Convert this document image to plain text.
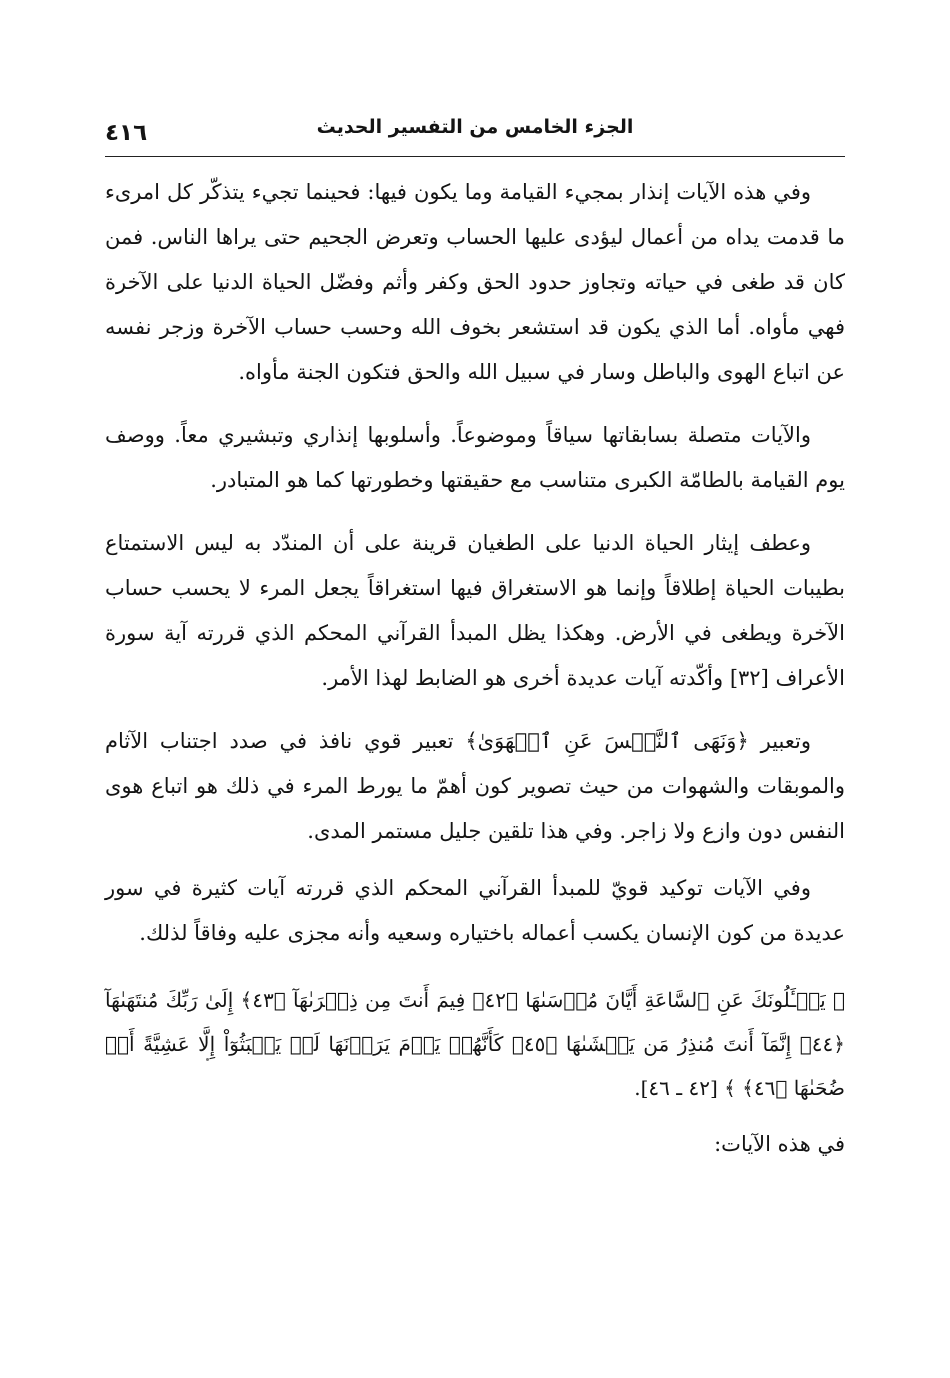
الجزء الخامس من التفسير الحديث
٤١٦

وفي هذه الآيات إنذار بمجيء القيامة وما يكون فيها: فحينما تجيء يتذكّر كل امرىء ما قدمت يداه من أعمال ليؤدى عليها الحساب وتعرض الجحيم حتى يراها الناس. فمن كان قد طغى في حياته وتجاوز حدود الحق وكفر وأثم وفضّل الحياة الدنيا على الآخرة فهي مأواه. أما الذي يكون قد استشعر بخوف الله وحسب حساب الآخرة وزجر نفسه عن اتباع الهوى والباطل وسار في سبيل الله والحق فتكون الجنة مأواه.

والآيات متصلة بسابقاتها سياقاً وموضوعاً. وأسلوبها إنذاري وتبشيري معاً. ووصف يوم القيامة بالطامّة الكبرى متناسب مع حقيقتها وخطورتها كما هو المتبادر.

وعطف إيثار الحياة الدنيا على الطغيان قرينة على أن المندّد به ليس الاستمتاع بطيبات الحياة إطلاقاً وإنما هو الاستغراق فيها استغراقاً يجعل المرء لا يحسب حساب الآخرة ويطغى في الأرض. وهكذا يظل المبدأ القرآني المحكم الذي قررته آية سورة الأعراف [٣٢] وأكّدته آيات عديدة أخرى هو الضابط لهذا الأمر.

وتعبير ﴿وَنَهَى ٱلنَّفۡسَ عَنِ ٱلۡهَوَىٰ﴾ تعبير قوي نافذ في صدد اجتناب الآثام والموبقات والشهوات من حيث تصوير كون أهمّ ما يورط المرء في ذلك هو اتباع هوى النفس دون وازع ولا زاجر. وفي هذا تلقين جليل مستمر المدى.

وفي الآيات توكيد قويّ للمبدأ القرآني المحكم الذي قررته آيات كثيرة في سور عديدة من كون الإنسان يكسب أعماله باختياره وسعيه وأنه مجزى عليه وفاقاً لذلك.

﴿ يَسۡـَٔلُونَكَ عَنِ ٱلسَّاعَةِ أَيَّانَ مُرۡسَىٰهَا ﴿٤٢﴾ فِيمَ أَنتَ مِن ذِكۡرَىٰهَآ ﴿٤٣﴾ إِلَىٰ رَبِّكَ مُنتَهَىٰهَآ ﴿٤٤﴾ إِنَّمَآ أَنتَ مُنذِرُ مَن يَخۡشَىٰهَا ﴿٤٥﴾ كَأَنَّهُمۡ يَوۡمَ يَرَوۡنَهَا لَمۡ يَلۡبَثُوٓاْ إِلَّا عَشِيَّةً أَوۡ ضُحَىٰهَا ﴿٤٦﴾ ﴾ [٤٢ ـ ٤٦].

في هذه الآيات:
